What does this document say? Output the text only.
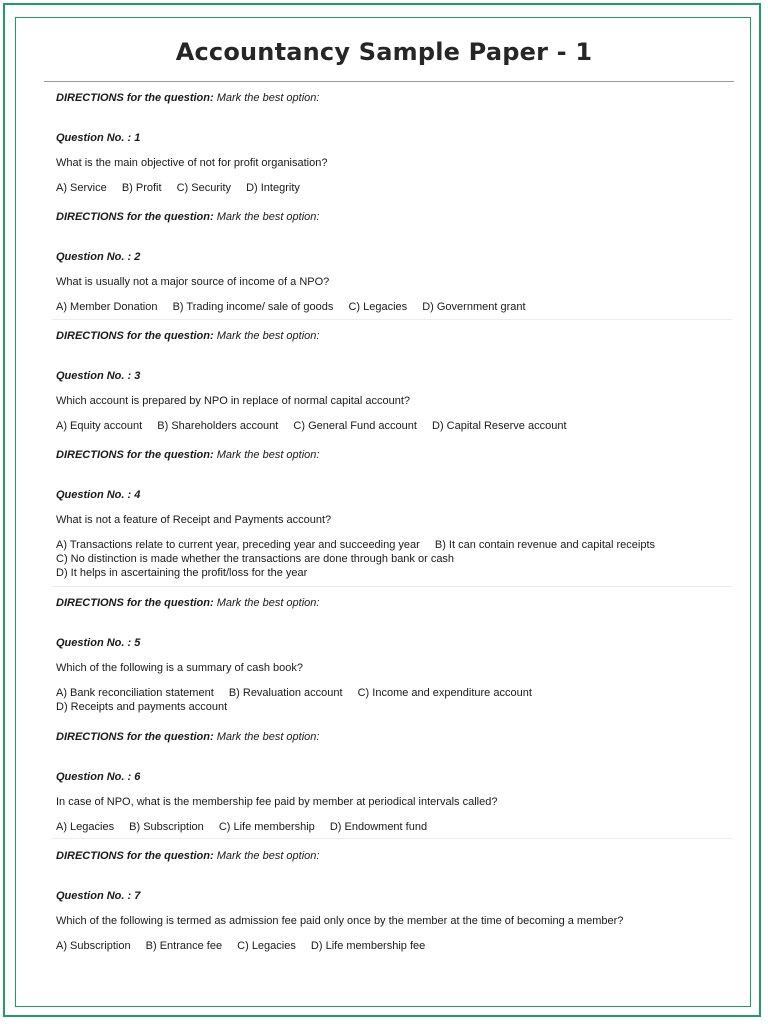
Accountancy Sample Paper - 1
DIRECTIONS for the question: Mark the best option:
Question No. : 1
What is the main objective of not for profit organisation?
A) Service B) Profit C) Security D) Integrity
DIRECTIONS for the question: Mark the best option:
Question No. : 2
What is usually not a major source of income of a NPO?
A) Member Donation B) Trading income/ sale of goods C) Legacies D) Government grant
DIRECTIONS for the question: Mark the best option:
Question No. : 3
Which account is prepared by NPO in replace of normal capital account?
A) Equity account B) Shareholders account C) General Fund account D) Capital Reserve account
DIRECTIONS for the question: Mark the best option:
Question No. : 4
What is not a feature of Receipt and Payments account?
A) Transactions relate to current year, preceding year and succeeding year B) It can contain revenue and capital receipts
C) No distinction is made whether the transactions are done through bank or cash
D) It helps in ascertaining the profit/loss for the year
DIRECTIONS for the question: Mark the best option:
Question No. : 5
Which of the following is a summary of cash book?
A) Bank reconciliation statement B) Revaluation account C) Income and expenditure account
D) Receipts and payments account
DIRECTIONS for the question: Mark the best option:
Question No. : 6
In case of NPO, what is the membership fee paid by member at periodical intervals called?
A) Legacies B) Subscription C) Life membership D) Endowment fund
DIRECTIONS for the question: Mark the best option:
Question No. : 7
Which of the following is termed as admission fee paid only once by the member at the time of becoming a member?
A) Subscription B) Entrance fee C) Legacies D) Life membership fee
